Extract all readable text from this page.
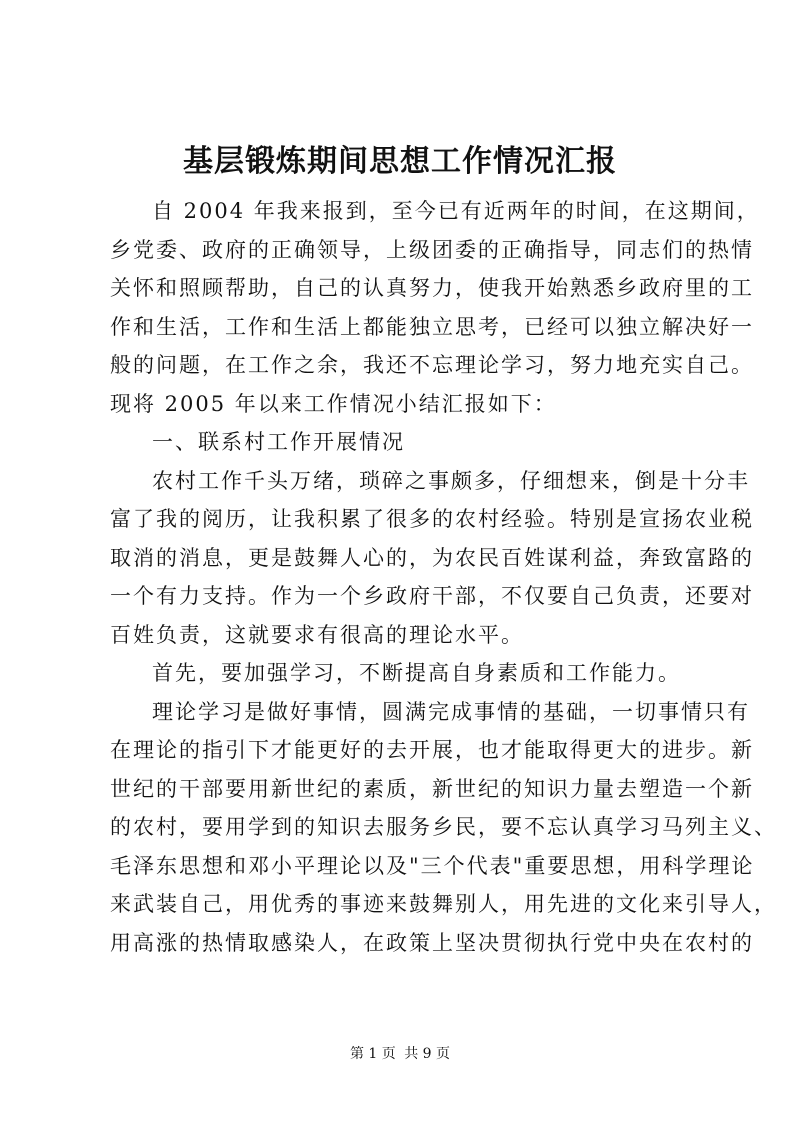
基层锻炼期间思想工作情况汇报
自 2004 年我来报到，至今已有近两年的时间，在这期间，
乡党委、政府的正确领导，上级团委的正确指导，同志们的热情
关怀和照顾帮助，自己的认真努力，使我开始熟悉乡政府里的工
作和生活，工作和生活上都能独立思考，已经可以独立解决好一
般的问题，在工作之余，我还不忘理论学习，努力地充实自己。
现将 2005 年以来工作情况小结汇报如下：
一、联系村工作开展情况
农村工作千头万绪，琐碎之事颇多，仔细想来，倒是十分丰
富了我的阅历，让我积累了很多的农村经验。特别是宣扬农业税
取消的消息，更是鼓舞人心的，为农民百姓谋利益，奔致富路的
一个有力支持。作为一个乡政府干部，不仅要自己负责，还要对
百姓负责，这就要求有很高的理论水平。
首先，要加强学习，不断提高自身素质和工作能力。
理论学习是做好事情，圆满完成事情的基础，一切事情只有
在理论的指引下才能更好的去开展，也才能取得更大的进步。新
世纪的干部要用新世纪的素质，新世纪的知识力量去塑造一个新
的农村，要用学到的知识去服务乡民，要不忘认真学习马列主义、
毛泽东思想和邓小平理论以及"三个代表"重要思想，用科学理论
来武装自己，用优秀的事迹来鼓舞别人，用先进的文化来引导人，
用高涨的热情取感染人，在政策上坚决贯彻执行党中央在农村的
第 1 页 共 9 页
